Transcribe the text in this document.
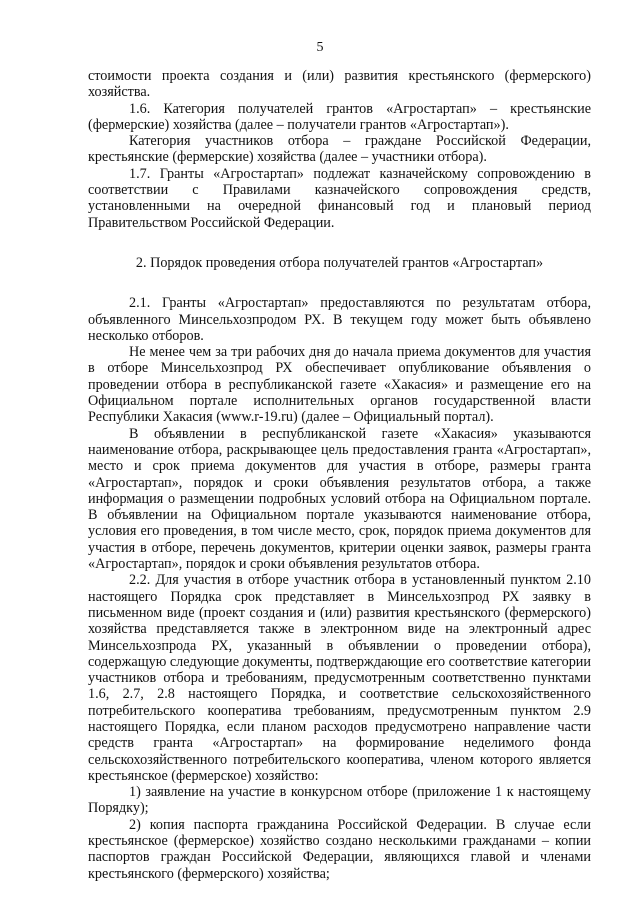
5

стоимости проекта создания и (или) развития крестьянского (фермерского) хозяйства.

1.6. Категория получателей грантов «Агростартап» – крестьянские (фермерские) хозяйства (далее – получатели грантов «Агростартап»).

Категория участников отбора – граждане Российской Федерации, крестьянские (фермерские) хозяйства (далее – участники отбора).

1.7. Гранты «Агростартап» подлежат казначейскому сопровождению в соответствии с Правилами казначейского сопровождения средств, установленными на очередной финансовый год и плановый период Правительством Российской Федерации.

2. Порядок проведения отбора получателей грантов «Агростартап»

2.1. Гранты «Агростартап» предоставляются по результатам отбора, объявленного Минсельхозпродом РХ. В текущем году может быть объявлено несколько отборов.

Не менее чем за три рабочих дня до начала приема документов для участия в отборе Минсельхозпрод РХ обеспечивает опубликование объявления о проведении отбора в республиканской газете «Хакасия» и размещение его на Официальном портале исполнительных органов государственной власти Республики Хакасия (www.r-19.ru) (далее – Официальный портал).

В объявлении в республиканской газете «Хакасия» указываются наименование отбора, раскрывающее цель предоставления гранта «Агростартап», место и срок приема документов для участия в отборе, размеры гранта «Агростартап», порядок и сроки объявления результатов отбора, а также информация о размещении подробных условий отбора на Официальном портале. В объявлении на Официальном портале указываются наименование отбора, условия его проведения, в том числе место, срок, порядок приема документов для участия в отборе, перечень документов, критерии оценки заявок, размеры гранта «Агростартап», порядок и сроки объявления результатов отбора.

2.2. Для участия в отборе участник отбора в установленный пунктом 2.10 настоящего Порядка срок представляет в Минсельхозпрод РХ заявку в письменном виде (проект создания и (или) развития крестьянского (фермерского) хозяйства представляется также в электронном виде на электронный адрес Минсельхозпрода РХ, указанный в объявлении о проведении отбора), содержащую следующие документы, подтверждающие его соответствие категории участников отбора и требованиям, предусмотренным соответственно пунктами 1.6, 2.7, 2.8 настоящего Порядка, и соответствие сельскохозяйственного потребительского кооператива требованиям, предусмотренным пунктом 2.9 настоящего Порядка, если планом расходов предусмотрено направление части средств гранта «Агростартап» на формирование неделимого фонда сельскохозяйственного потребительского кооператива, членом которого является крестьянское (фермерское) хозяйство:

1) заявление на участие в конкурсном отборе (приложение 1 к настоящему Порядку);

2) копия паспорта гражданина Российской Федерации. В случае если крестьянское (фермерское) хозяйство создано несколькими гражданами – копии паспортов граждан Российской Федерации, являющихся главой и членами крестьянского (фермерского) хозяйства;
